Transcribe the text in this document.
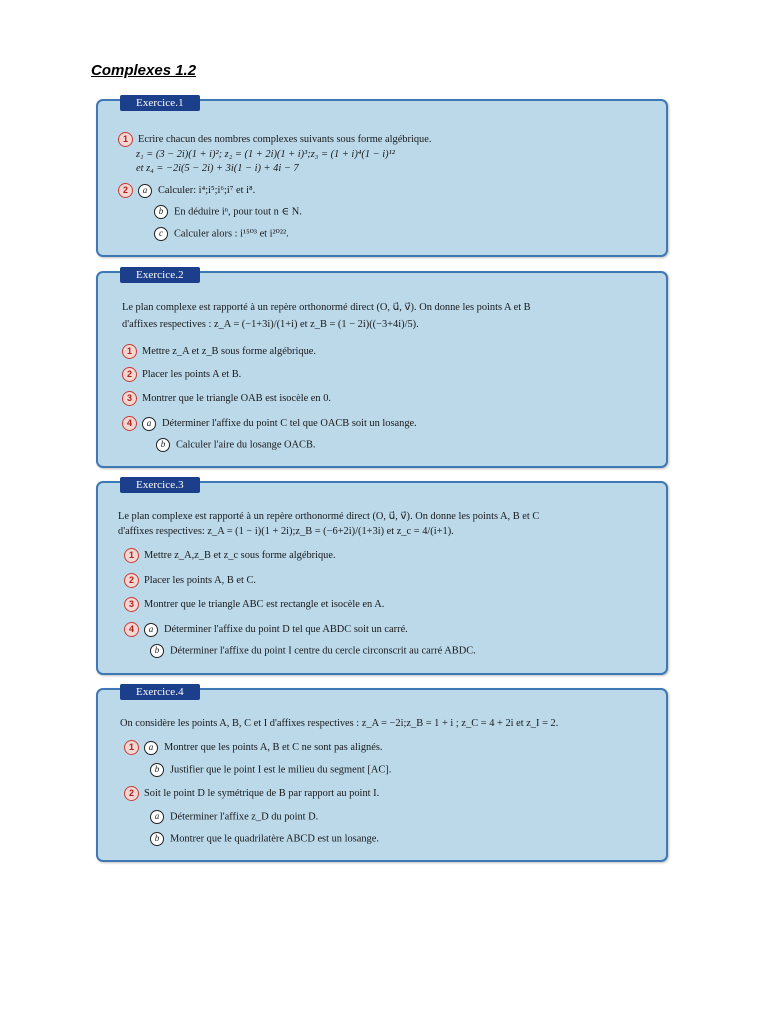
Complexes 1.2
Exercice.1
1 Ecrire chacun des nombres complexes suivants sous forme algébrique.
z₁ = (3 − 2i)(1 + i)²; z₂ = (1 + 2i)(1 + i)³;z₃ = (1 + i)⁴(1 − i)¹²
et z₄ = −2i(5 − 2i) + 3i(1 − i) + 4i − 7
2 a Calculer: i⁴;i⁵;i⁶;i⁷ et i⁸.
b En déduire iⁿ, pour tout n ∈ N.
c Calculer alors : i¹⁵⁰³ et i²⁰²².
Exercice.2
Le plan complexe est rapporté à un repère orthonormé direct (O, u⃗, v⃗). On donne les points A et B
d'affixes respectives : z_A = (−1+3i)/(1+i) et z_B = (1 − 2i)((−3+4i)/5).
1 Mettre z_A et z_B sous forme algébrique.
2 Placer les points A et B.
3 Montrer que le triangle OAB est isocèle en 0.
4 a Déterminer l'affixe du point C tel que OACB soit un losange.
b Calculer l'aire du losange OACB.
Exercice.3
Le plan complexe est rapporté à un repère orthonormé direct (O, u⃗, v⃗). On donne les points A, B et C
d'affixes respectives: z_A = (1 − i)(1 + 2i);z_B = (−6+2i)/(1+3i) et z_c = 4/(i+1).
1 Mettre z_A,z_B et z_c sous forme algébrique.
2 Placer les points A, B et C.
3 Montrer que le triangle ABC est rectangle et isocèle en A.
4 a Déterminer l'affixe du point D tel que ABDC soit un carré.
b Déterminer l'affixe du point I centre du cercle circonscrit au carré ABDC.
Exercice.4
On considère les points A, B, C et I d'affixes respectives : z_A = −2i;z_B = 1 + i ; z_C = 4 + 2i et z_I = 2.
1 a Montrer que les points A, B et C ne sont pas alignés.
b Justifier que le point I est le milieu du segment [AC].
2 Soit le point D le symétrique de B par rapport au point I.
a Déterminer l'affixe z_D du point D.
b Montrer que le quadrilatère ABCD est un losange.
